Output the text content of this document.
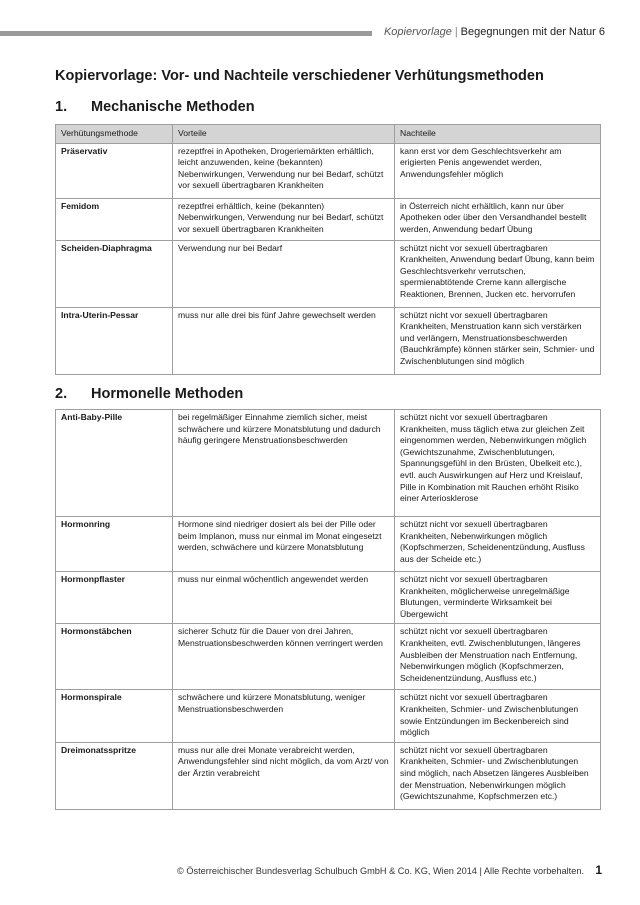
Kopiervorlage | Begegnungen mit der Natur 6
Kopiervorlage: Vor- und Nachteile verschiedener Verhütungsmethoden
1. Mechanische Methoden
Verhütungsmethode	Vorteile	Nachteile
Präservativ	rezeptfrei in Apotheken, Drogeriemärkten erhältlich, leicht anzuwenden, keine (bekannten) Nebenwirkungen, Verwendung nur bei Bedarf, schützt vor sexuell übertragbaren Krankheiten	kann erst vor dem Geschlechtsverkehr am erigierten Penis angewendet werden, Anwendungsfehler möglich
Femidom	rezeptfrei erhältlich, keine (bekannten) Nebenwirkungen, Verwendung nur bei Bedarf, schützt vor sexuell übertragbaren Krankheiten	in Österreich nicht erhältlich, kann nur über Apotheken oder über den Versandhandel bestellt werden, Anwendung bedarf Übung
Scheiden-Diaphragma	Verwendung nur bei Bedarf	schützt nicht vor sexuell übertragbaren Krankheiten, Anwendung bedarf Übung, kann beim Geschlechtsverkehr verrutschen, spermienabtötende Creme kann allergische Reaktionen, Brennen, Jucken etc. hervorrufen
Intra-Uterin-Pessar	muss nur alle drei bis fünf Jahre gewechselt werden	schützt nicht vor sexuell übertragbaren Krankheiten, Menstruation kann sich verstärken und verlängern, Menstruationsbeschwerden (Bauchkrämpfe) können stärker sein, Schmier- und Zwischenblutungen sind möglich
2. Hormonelle Methoden
Anti-Baby-Pille	bei regelmäßiger Einnahme ziemlich sicher, meist schwächere und kürzere Monatsblutung und dadurch häufig geringere Menstruationsbeschwerden	schützt nicht vor sexuell übertragbaren Krankheiten, muss täglich etwa zur gleichen Zeit eingenommen werden, Nebenwirkungen möglich (Gewichtszunahme, Zwischenblutungen, Spannungsgefühl in den Brüsten, Übelkeit etc.), evtl. auch Auswirkungen auf Herz und Kreislauf, Pille in Kombination mit Rauchen erhöht Risiko einer Arteriosklerose
Hormonring	Hormone sind niedriger dosiert als bei der Pille oder beim Implanon, muss nur einmal im Monat eingesetzt werden, schwächere und kürzere Monatsblutung	schützt nicht vor sexuell übertragbaren Krankheiten, Nebenwirkungen möglich (Kopfschmerzen, Scheidenentzündung, Ausfluss aus der Scheide etc.)
Hormonpflaster	muss nur einmal wöchentlich angewendet werden	schützt nicht vor sexuell übertragbaren Krankheiten, möglicherweise unregelmäßige Blutungen, verminderte Wirksamkeit bei Übergewicht
Hormonstäbchen	sicherer Schutz für die Dauer von drei Jahren, Menstruationsbeschwerden können verringert werden	schützt nicht vor sexuell übertragbaren Krankheiten, evtl. Zwischenblutungen, längeres Ausbleiben der Menstruation nach Entfernung, Nebenwirkungen möglich (Kopfschmerzen, Scheidenentzündung, Ausfluss etc.)
Hormonspirale	schwächere und kürzere Monatsblutung, weniger Menstruationsbeschwerden	schützt nicht vor sexuell übertragbaren Krankheiten, Schmier- und Zwischenblutungen sowie Entzündungen im Beckenbereich sind möglich
Dreimonatsspritze	muss nur alle drei Monate verabreicht werden, Anwendungsfehler sind nicht möglich, da vom Arzt/ von der Ärztin verabreicht	schützt nicht vor sexuell übertragbaren Krankheiten, Schmier- und Zwischenblutungen sind möglich, nach Absetzen längeres Ausbleiben der Menstruation, Nebenwirkungen möglich (Gewichtszunahme, Kopfschmerzen etc.)
© Österreichischer Bundesverlag Schulbuch GmbH & Co. KG, Wien 2014 | Alle Rechte vorbehalten. 1
